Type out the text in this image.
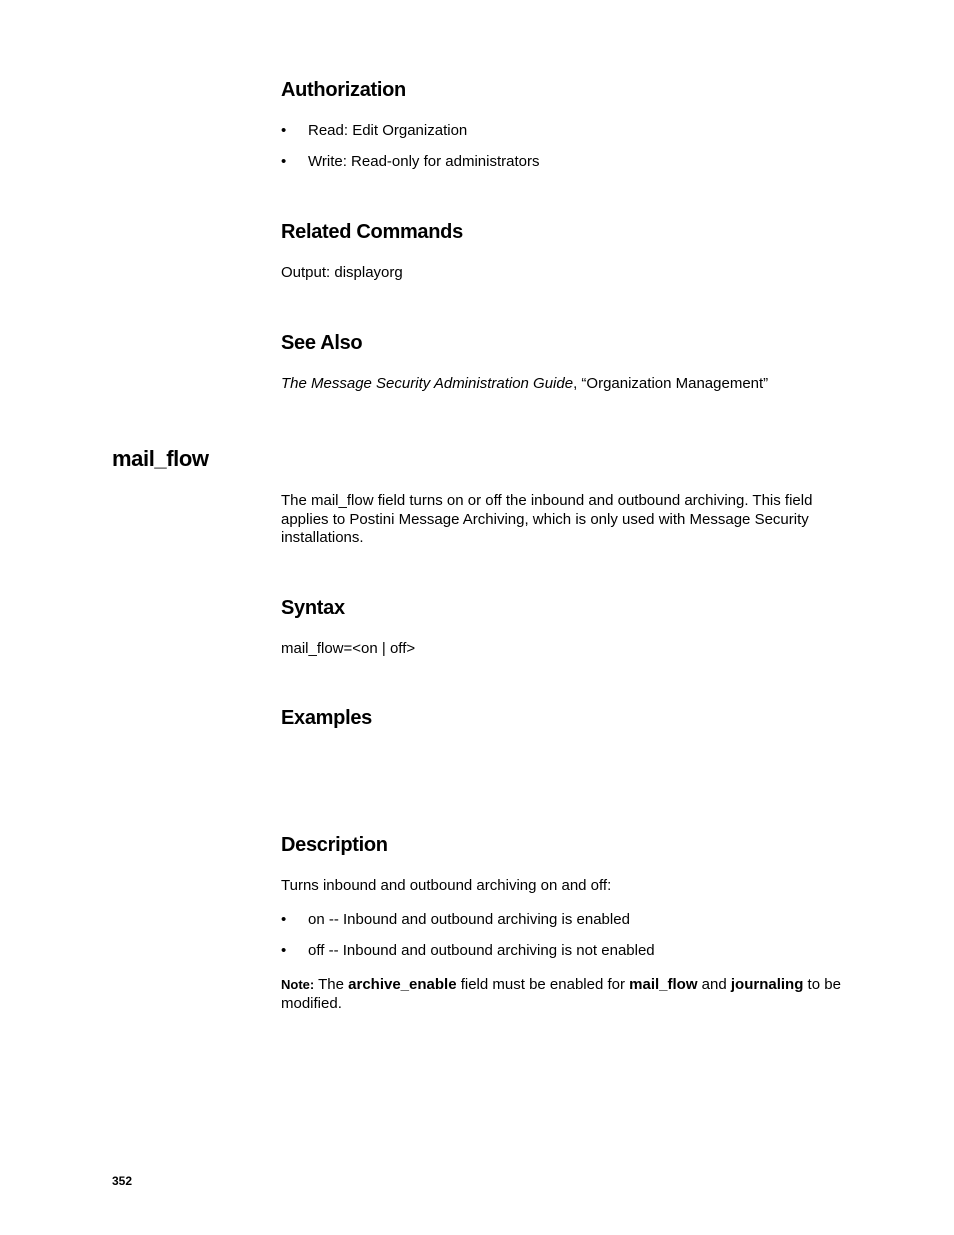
Authorization
• Read: Edit Organization
• Write: Read-only for administrators
Related Commands

Output: displayorg

See Also

The Message Security Administration Guide, “Organization Management”

mail_flow

The mail_flow field turns on or off the inbound and outbound archiving. This field applies to Postini Message Archiving, which is only used with Message Security installations.

Syntax

mail_flow=<on | off>

Examples
Description

Turns inbound and outbound archiving on and off:

• on -- Inbound and outbound archiving is enabled
• off -- Inbound and outbound archiving is not enabled

Note: The archive_enable field must be enabled for mail_flow and journaling to be modified.

352
